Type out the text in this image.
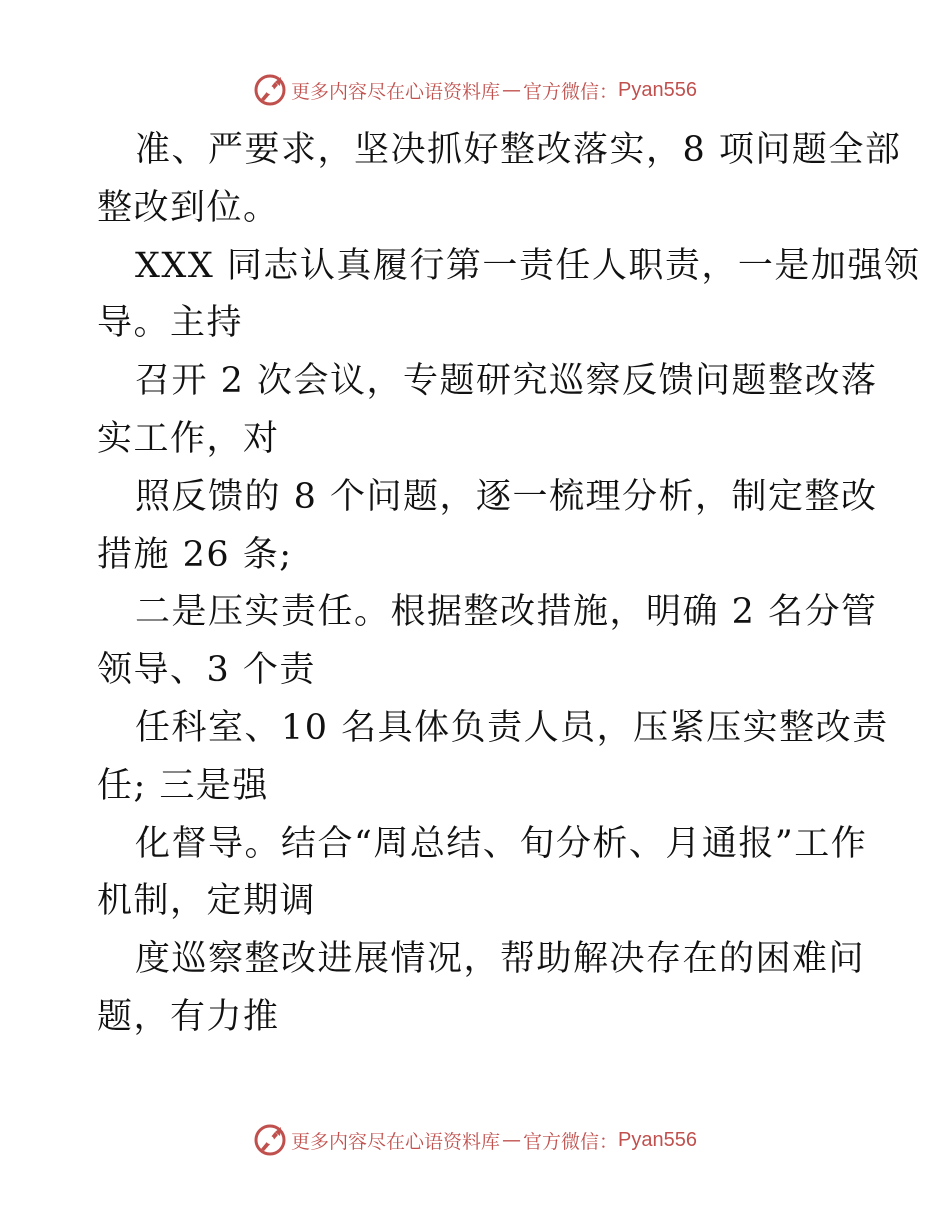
更多内容尽在心语资料库 — 官方微信： Pyan556
准、严要求，坚决抓好整改落实，8 项问题全部
整改到位。
XXX 同志认真履行第一责任人职责，一是加强领
导。主持
召开 2 次会议，专题研究巡察反馈问题整改落
实工作，对
照反馈的 8 个问题，逐一梳理分析，制定整改
措施 26 条;
二是压实责任。根据整改措施，明确 2 名分管
领导、3 个责
任科室、10 名具体负责人员，压紧压实整改责
任; 三是强
化督导。结合“周总结、旬分析、月通报”工作
机制，定期调
度巡察整改进展情况，帮助解决存在的困难问
题，有力推
更多内容尽在心语资料库 — 官方微信： Pyan556
